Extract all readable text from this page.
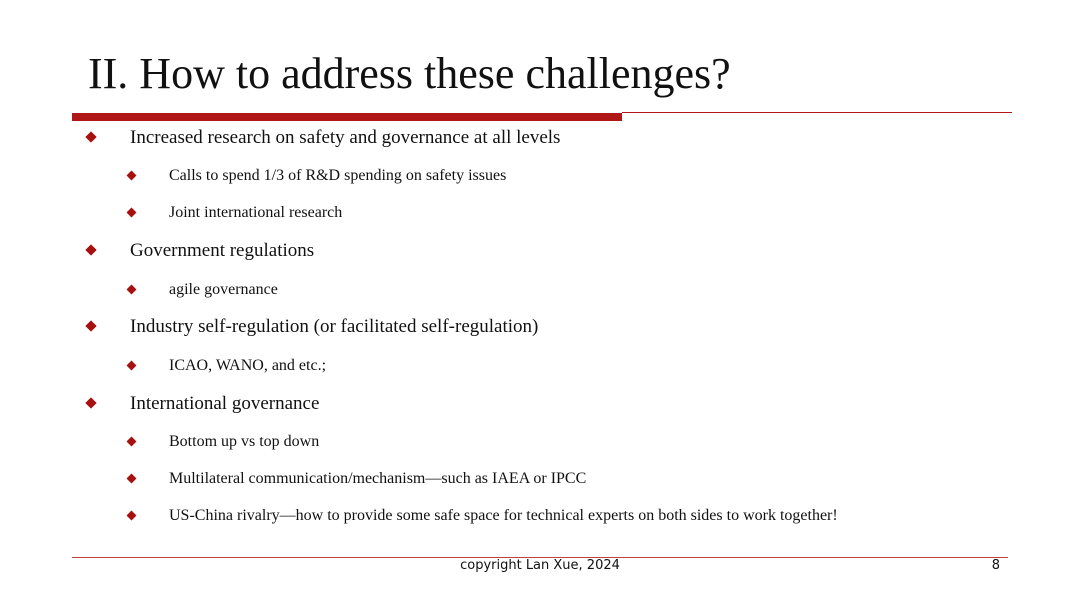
II. How to address these challenges?
Increased research on safety and governance at all levels
Calls to spend 1/3 of R&D spending on safety issues
Joint international research
Government regulations
agile governance
Industry self-regulation (or facilitated self-regulation)
ICAO, WANO, and etc.;
International governance
Bottom up vs top down
Multilateral communication/mechanism—such as IAEA or IPCC
US-China rivalry—how to provide some safe space for technical experts on both sides to work together!
copyright Lan Xue, 2024	8
